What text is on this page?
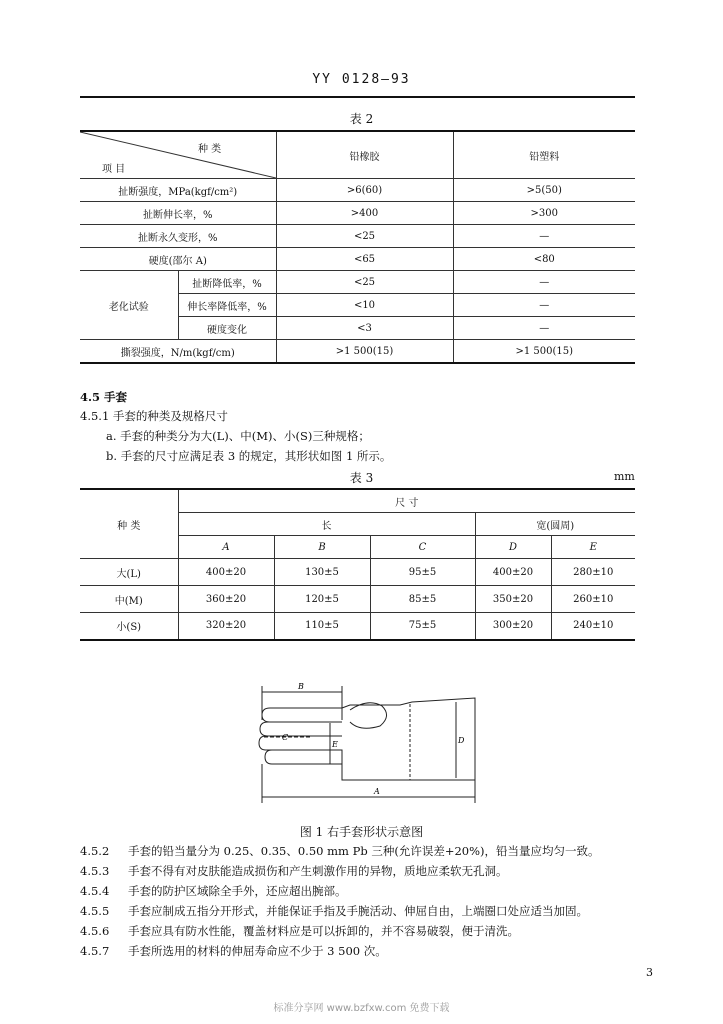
YY 0128—93
表 2
种 类
项 目		铅橡胶	铅塑料
扯断强度，MPa(kgf/cm²)		>6(60)	>5(50)
扯断伸长率，%		>400	>300
扯断永久变形，%		<25	—
硬度(邵尔 A)		<65	<80
老化试验	扯断降低率，%	<25	—
	伸长率降低率，%	<10	—
	硬度变化	<3	—
撕裂强度，N/m(kgf/cm)		>1 500(15)	>1 500(15)
4.5 手套
4.5.1 手套的种类及规格尺寸
a. 手套的种类分为大(L)、中(M)、小(S)三种规格；
b. 手套的尺寸应满足表 3 的规定，其形状如图 1 所示。
表 3	mm
种 类	尺 寸				
	长			宽(圆周)	
	A	B	C	D	E
大(L)	400±20	130±5	95±5	400±20	280±10
中(M)	360±20	120±5	85±5	350±20	260±10
小(S)	320±20	110±5	75±5	300±20	240±10
B
C
E	D
A
图 1 右手套形状示意图
4.5.2 手套的铅当量分为 0.25、0.35、0.50 mm Pb 三种(允许误差+20%)，铅当量应均匀一致。
4.5.3 手套不得有对皮肤能造成损伤和产生刺激作用的异物，质地应柔软无孔洞。
4.5.4 手套的防护区域除全手外，还应超出腕部。
4.5.5 手套应制成五指分开形式，并能保证手指及手腕活动、伸屈自由，上端圈口处应适当加固。
4.5.6 手套应具有防水性能，覆盖材料应是可以拆卸的，并不容易破裂，便于清洗。
4.5.7 手套所选用的材料的伸屈寿命应不少于 3 500 次。
3
标准分享网 www.bzfxw.com 免费下载
